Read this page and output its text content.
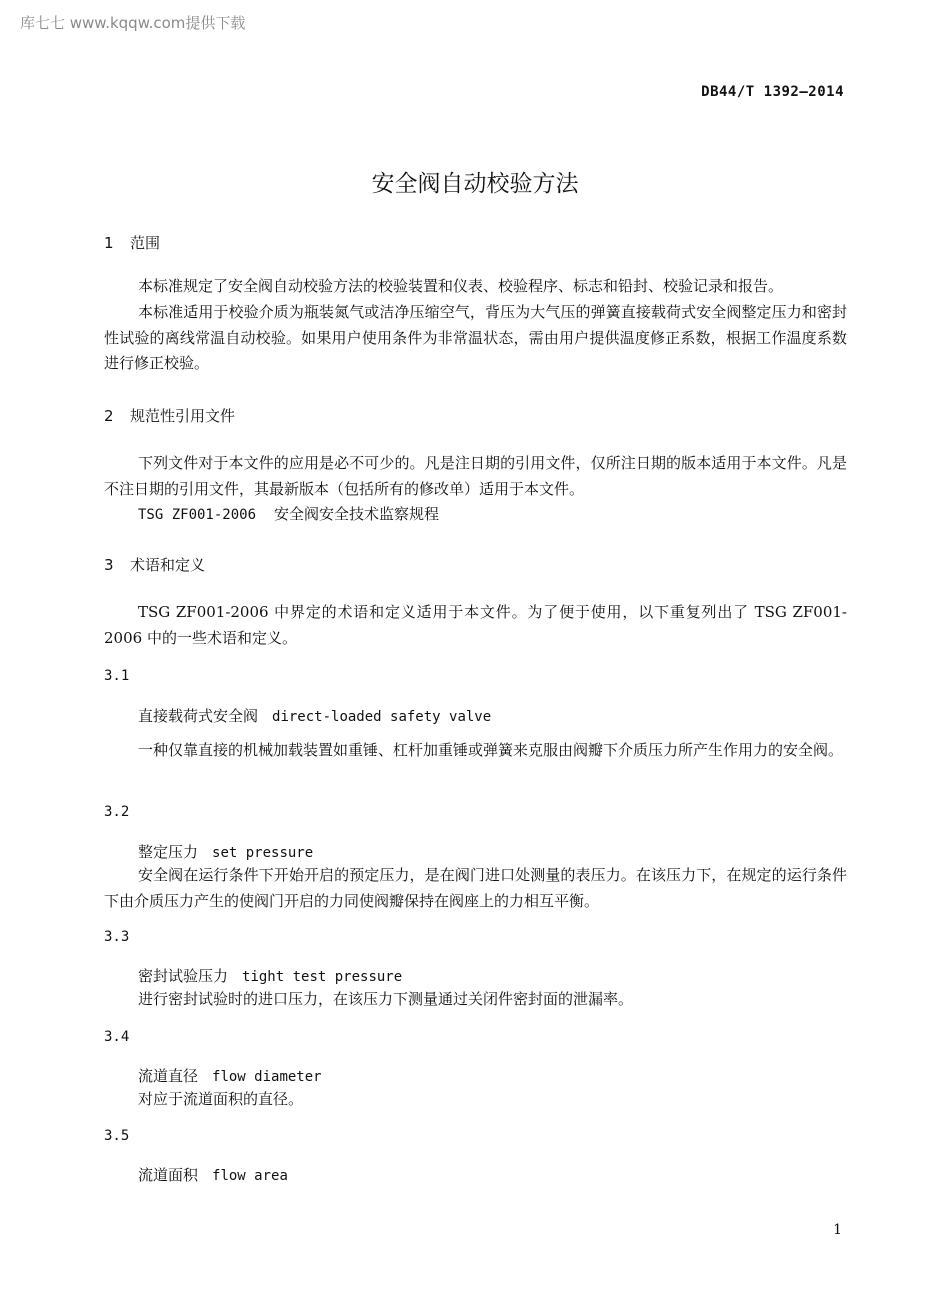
库七七 www.kqqw.com提供下载
DB44/T 1392—2014
安全阀自动校验方法
1 范围
本标准规定了安全阀自动校验方法的校验装置和仪表、校验程序、标志和铅封、校验记录和报告。
本标准适用于校验介质为瓶装氮气或洁净压缩空气，背压为大气压的弹簧直接载荷式安全阀整定压力和密封性试验的离线常温自动校验。如果用户使用条件为非常温状态，需由用户提供温度修正系数，根据工作温度系数进行修正校验。
2 规范性引用文件
下列文件对于本文件的应用是必不可少的。凡是注日期的引用文件，仅所注日期的版本适用于本文件。凡是不注日期的引用文件，其最新版本（包括所有的修改单）适用于本文件。
TSG ZF001-2006 安全阀安全技术监察规程
3 术语和定义
TSG ZF001-2006 中界定的术语和定义适用于本文件。为了便于使用，以下重复列出了 TSG ZF001-2006 中的一些术语和定义。
3.1
直接载荷式安全阀 direct-loaded safety valve
一种仅靠直接的机械加载装置如重锤、杠杆加重锤或弹簧来克服由阀瓣下介质压力所产生作用力的安全阀。
3.2
整定压力 set pressure
安全阀在运行条件下开始开启的预定压力，是在阀门进口处测量的表压力。在该压力下，在规定的运行条件下由介质压力产生的使阀门开启的力同使阀瓣保持在阀座上的力相互平衡。
3.3
密封试验压力 tight test pressure
进行密封试验时的进口压力，在该压力下测量通过关闭件密封面的泄漏率。
3.4
流道直径 flow diameter
对应于流道面积的直径。
3.5
流道面积 flow area
1
